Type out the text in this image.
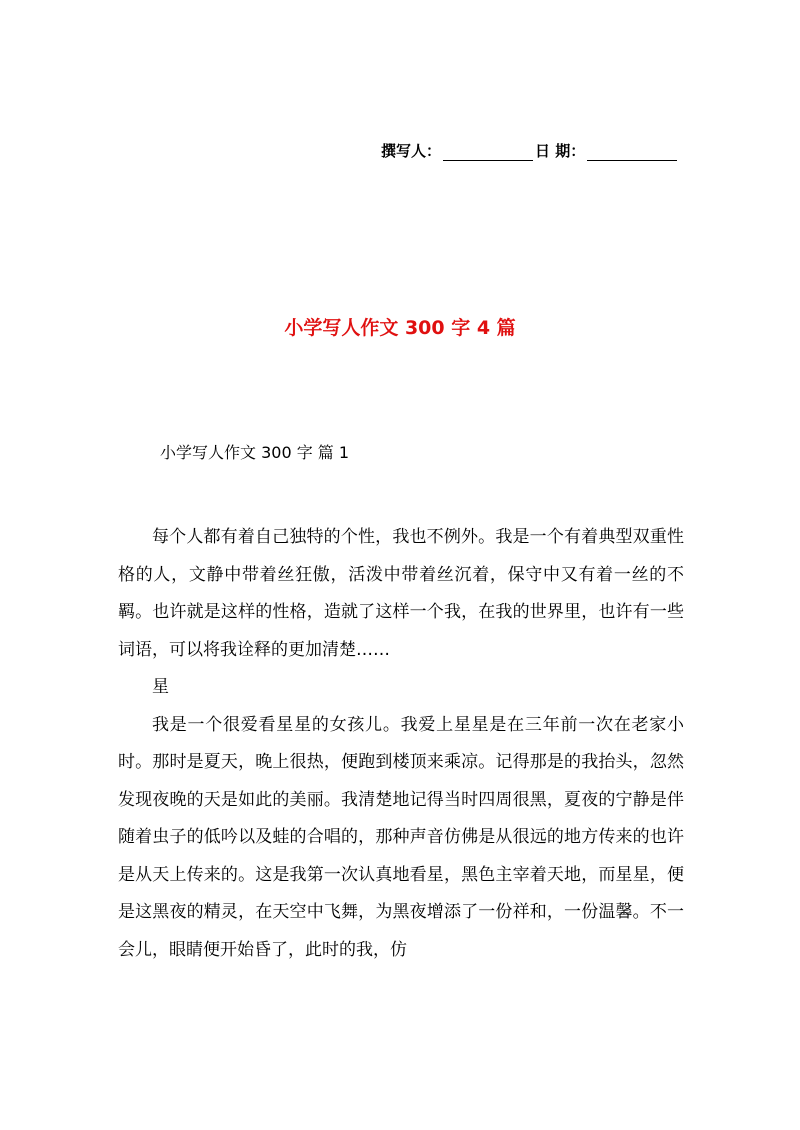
撰写人：	日 期：
小学写人作文 300 字 4 篇
小学写人作文 300 字 篇 1

每个人都有着自己独特的个性，我也不例外。我是一个有着典型双重性格的人，文静中带着丝狂傲，活泼中带着丝沉着，保守中又有着一丝的不羁。也许就是这样的性格，造就了这样一个我，在我的世界里，也许有一些词语，可以将我诠释的更加清楚……

星

我是一个很爱看星星的女孩儿。我爱上星星是在三年前一次在老家小时。那时是夏天，晚上很热，便跑到楼顶来乘凉。记得那是的我抬头，忽然发现夜晚的天是如此的美丽。我清楚地记得当时四周很黑，夏夜的宁静是伴随着虫子的低吟以及蛙的合唱的，那种声音仿佛是从很远的地方传来的也许是从天上传来的。这是我第一次认真地看星，黑色主宰着天地，而星星，便是这黑夜的精灵，在天空中飞舞，为黑夜增添了一份祥和，一份温馨。不一会儿，眼睛便开始昏了，此时的我，仿
